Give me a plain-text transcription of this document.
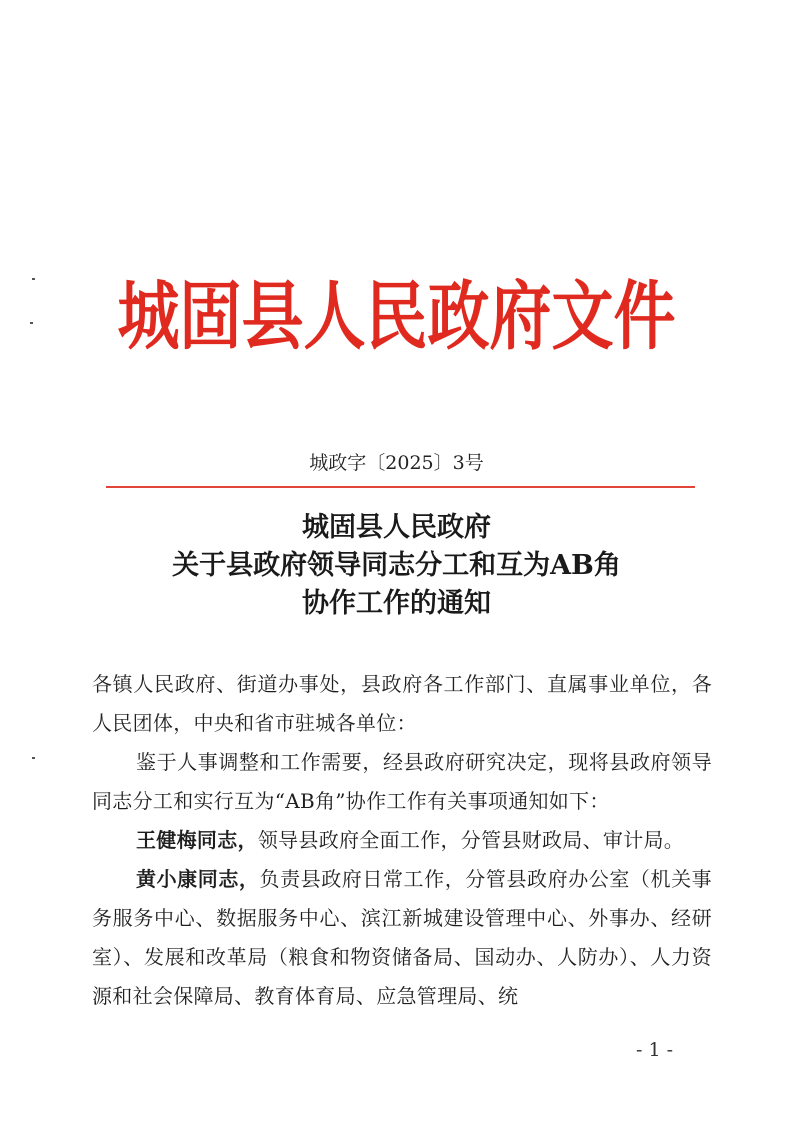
城固县人民政府文件
城政字〔2025〕3号
城固县人民政府
关于县政府领导同志分工和互为AB角
协作工作的通知

各镇人民政府、街道办事处，县政府各工作部门、直属事业单位，各人民团体，中央和省市驻城各单位：

鉴于人事调整和工作需要，经县政府研究决定，现将县政府领导同志分工和实行互为“AB角”协作工作有关事项通知如下：

王健梅同志，领导县政府全面工作，分管县财政局、审计局。

黄小康同志，负责县政府日常工作，分管县政府办公室（机关事务服务中心、数据服务中心、滨江新城建设管理中心、外事办、经研室）、发展和改革局（粮食和物资储备局、国动办、人防办）、人力资源和社会保障局、教育体育局、应急管理局、统

- 1 -
